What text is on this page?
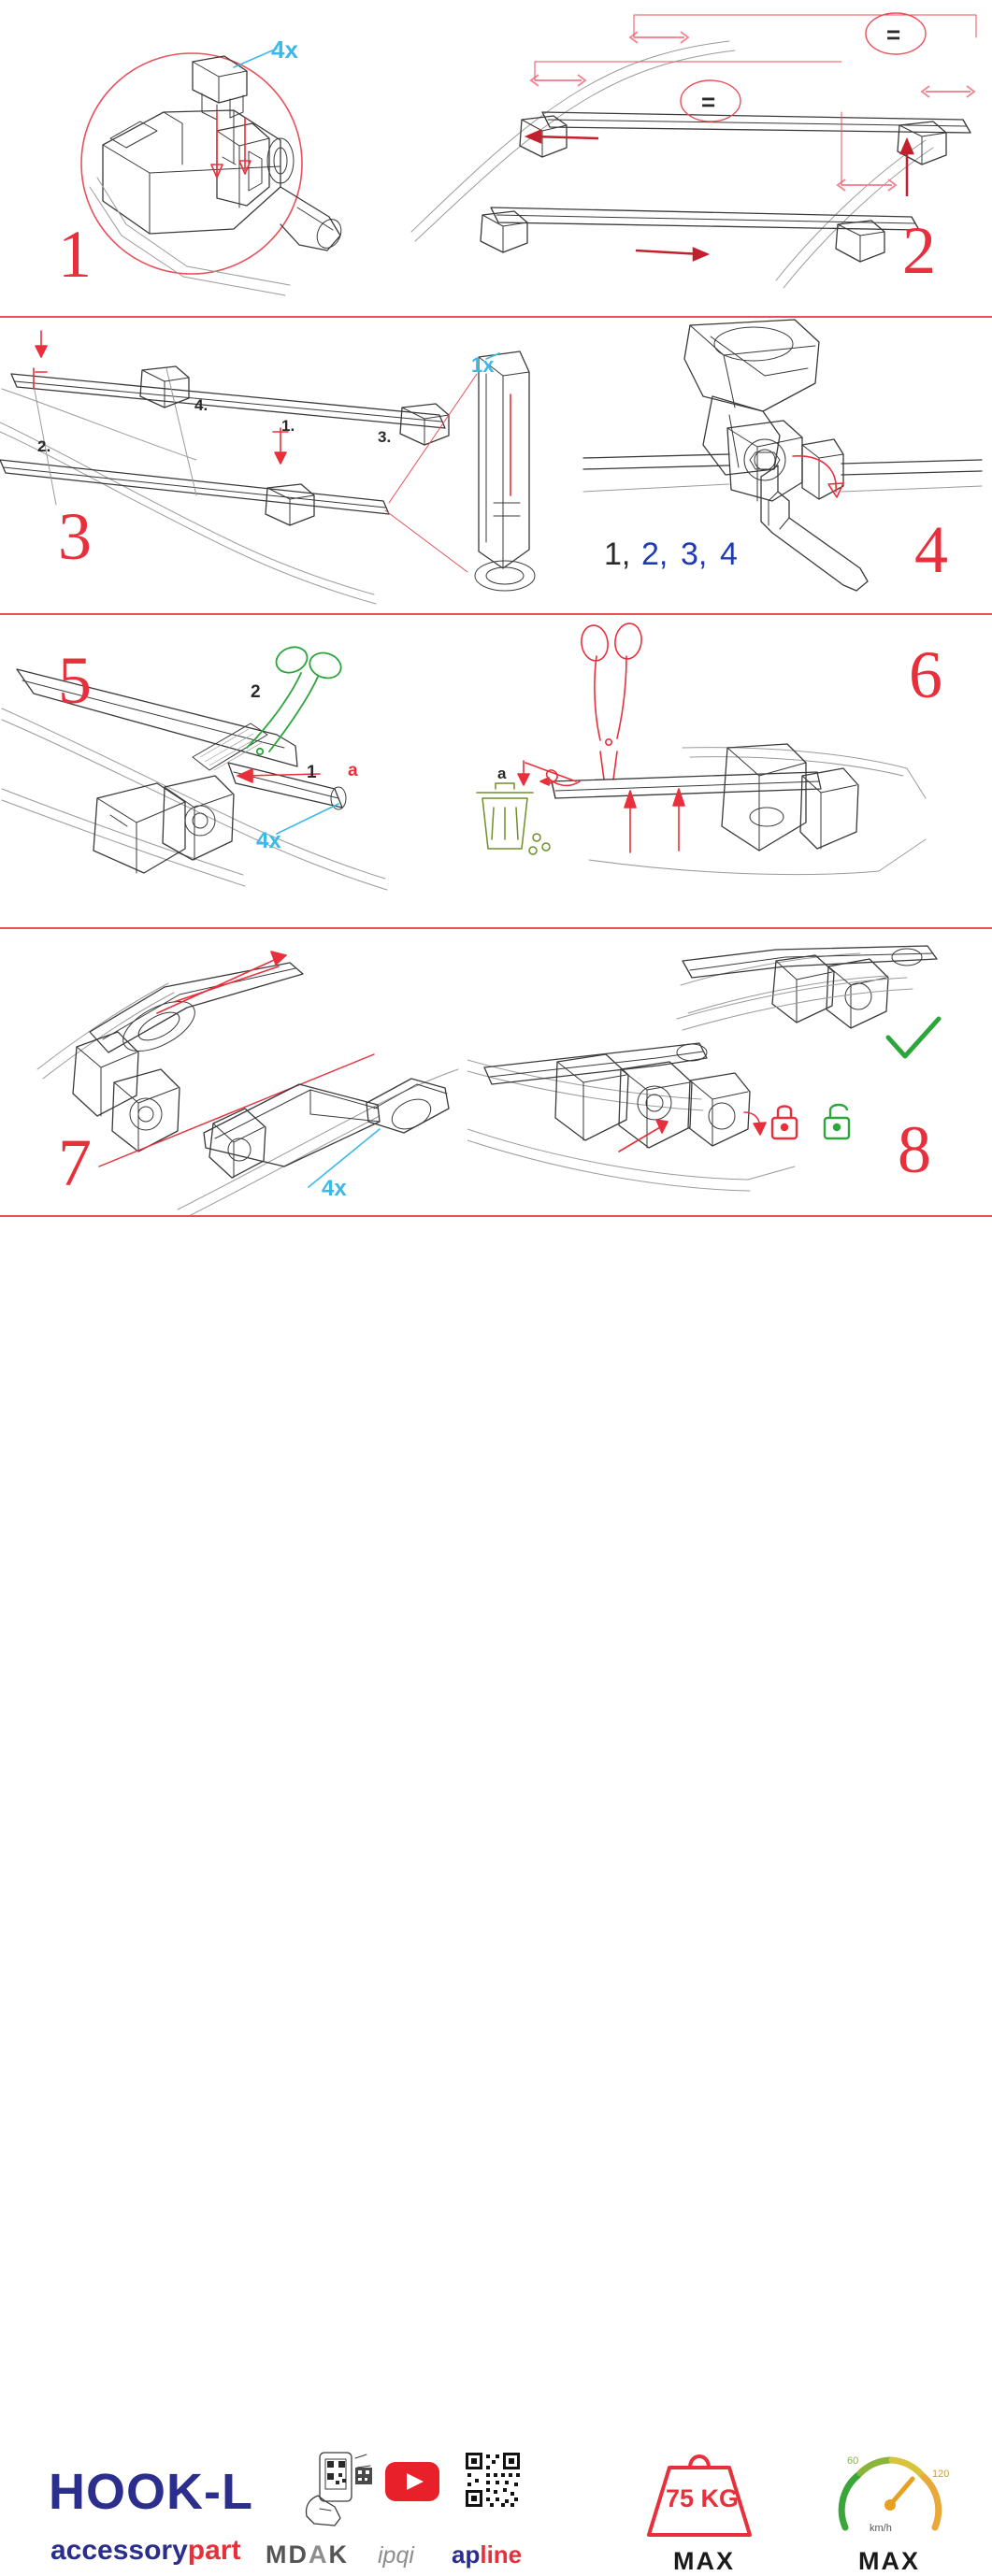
4x
1
=
=
2
4.
1.
2.
3.
1x
3	1, 2, 3, 4	4
2
1 a
4x
5
a
6
7	4x
8
HOOK-L
accessorypart
75 KG
MAX
60
120
km/h
MAX
MDAK ipqi apline
